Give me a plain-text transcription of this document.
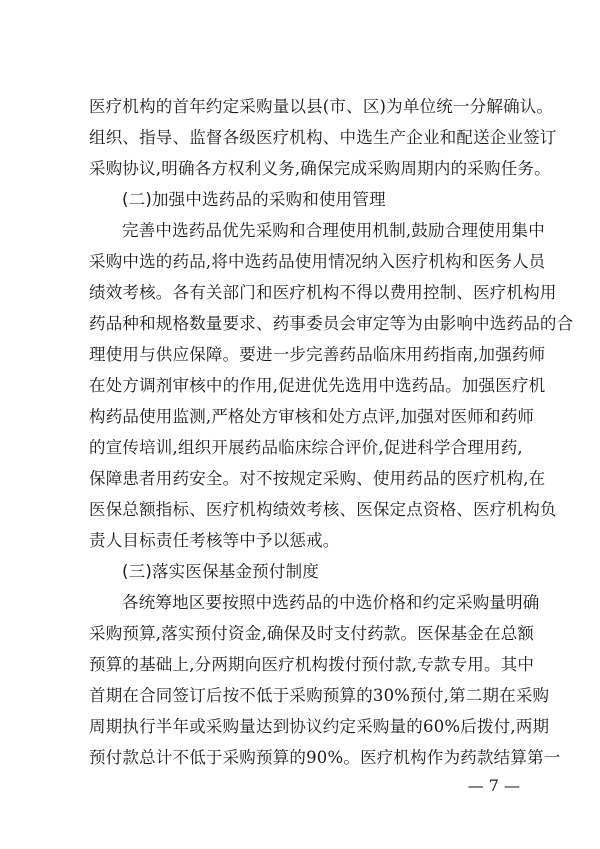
医疗机构的首年约定采购量以县(市、区)为单位统一分解确认。
组织、指导、监督各级医疗机构、中选生产企业和配送企业签订
采购协议,明确各方权利义务,确保完成采购周期内的采购任务。
(二)加强中选药品的采购和使用管理
完善中选药品优先采购和合理使用机制,鼓励合理使用集中
采购中选的药品,将中选药品使用情况纳入医疗机构和医务人员
绩效考核。各有关部门和医疗机构不得以费用控制、医疗机构用
药品种和规格数量要求、药事委员会审定等为由影响中选药品的合
理使用与供应保障。要进一步完善药品临床用药指南,加强药师
在处方调剂审核中的作用,促进优先选用中选药品。加强医疗机
构药品使用监测,严格处方审核和处方点评,加强对医师和药师
的宣传培训,组织开展药品临床综合评价,促进科学合理用药,
保障患者用药安全。对不按规定采购、使用药品的医疗机构,在
医保总额指标、医疗机构绩效考核、医保定点资格、医疗机构负
责人目标责任考核等中予以惩戒。
(三)落实医保基金预付制度
各统筹地区要按照中选药品的中选价格和约定采购量明确
采购预算,落实预付资金,确保及时支付药款。医保基金在总额
预算的基础上,分两期向医疗机构拨付预付款,专款专用。其中
首期在合同签订后按不低于采购预算的30%预付,第二期在采购
周期执行半年或采购量达到协议约定采购量的60%后拨付,两期
预付款总计不低于采购预算的90%。医疗机构作为药款结算第一
— 7 —
